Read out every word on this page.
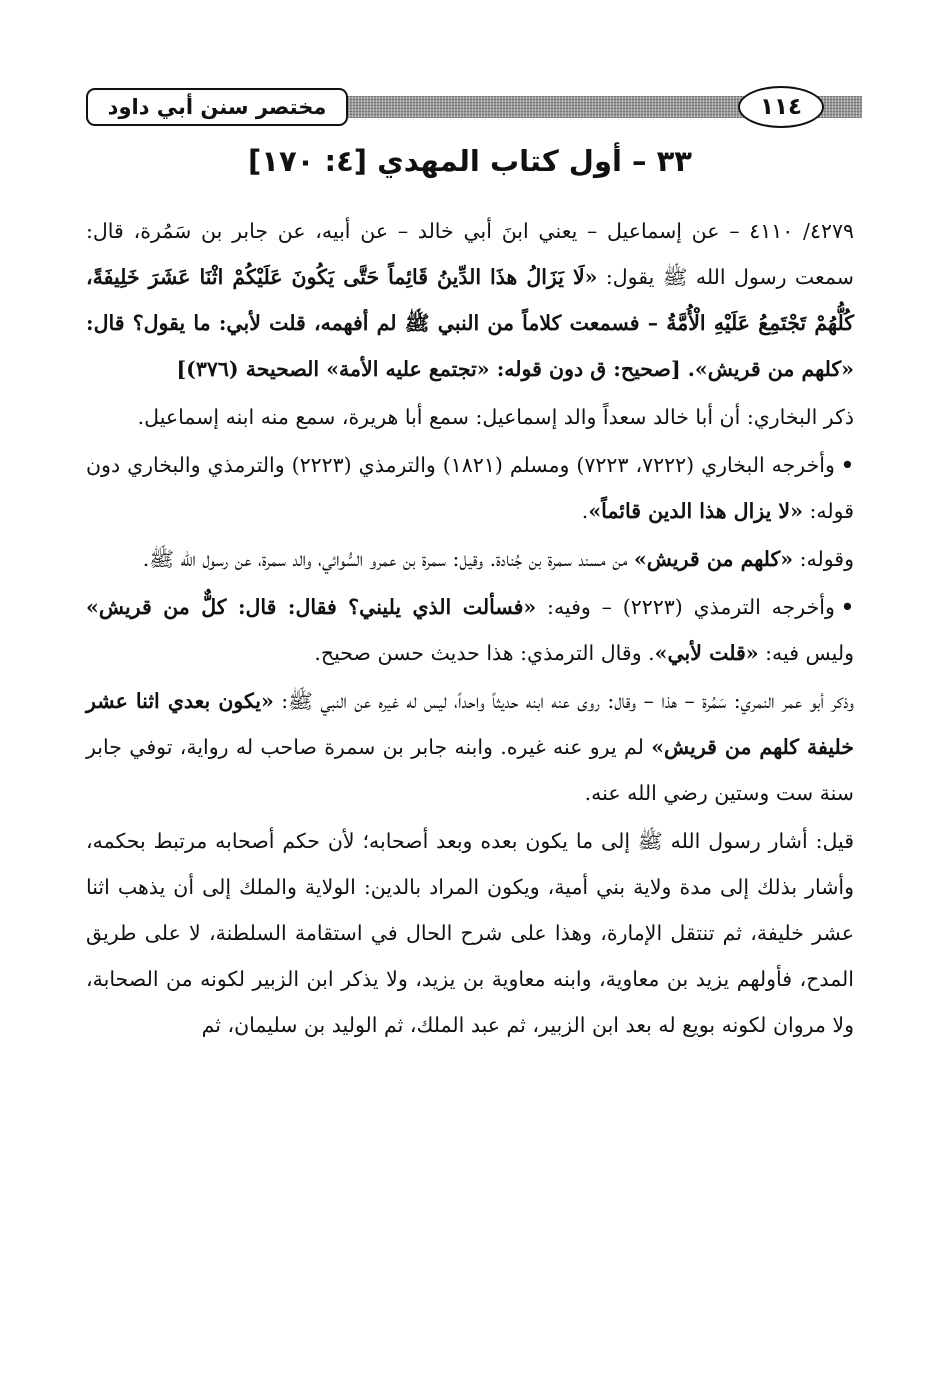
مختصر سنن أبي داود	١١٤
٣٣ – أول كتاب المهدي [٤: ١٧٠]

٤٢٧٩/ ٤١١٠ – عن إسماعيل – يعني ابنَ أبي خالد – عن أبيه، عن جابر بن سَمُرة، قال: سمعت رسول الله ﷺ يقول: «لَا يَزَالُ هذَا الدِّينُ قَائِماً حَتَّى يَكُونَ عَلَيْكُمْ اثْنَا عَشَرَ خَلِيفَةً، كُلُّهُمْ تَجْتَمِعُ عَلَيْهِ الْأُمَّةُ – فسمعت كلاماً من النبي ﷺ لم أفهمه، قلت لأبي: ما يقول؟ قال: «كلهم من قريش». [صحيح: ق دون قوله: «تجتمع عليه الأمة» الصحيحة (٣٧٦)]

ذكر البخاري: أن أبا خالد سعداً والد إسماعيل: سمع أبا هريرة، سمع منه ابنه إسماعيل.

•وأخرجه البخاري (٧٢٢٢، ٧٢٢٣) ومسلم (١٨٢١) والترمذي (٢٢٢٣) والترمذي والبخاري دون قوله: «لا يزال هذا الدين قائماً».

وقوله: «كلهم من قريش» من مسند سمرة بن جُنادة. وقيل: سمرة بن عمرو السُّوائي، والد سمرة، عن رسول الله ﷺ.

•وأخرجه الترمذي (٢٢٢٣) – وفيه: «فسألت الذي يليني؟ فقال: قال: كلٌّ من قريش» وليس فيه: «قلت لأبي». وقال الترمذي: هذا حديث حسن صحيح.

وذكر أبو عمر النمري: سَمُرة – هذا – وقال: روى عنه ابنه حديثاً واحداً، ليس له غيره عن النبي ﷺ: «يكون بعدي اثنا عشر خليفة كلهم من قريش» لم يرو عنه غيره. وابنه جابر بن سمرة صاحب له رواية، توفي جابر سنة ست وستين رضي الله عنه.

قيل: أشار رسول الله ﷺ إلى ما يكون بعده وبعد أصحابه؛ لأن حكم أصحابه مرتبط بحكمه، وأشار بذلك إلى مدة ولاية بني أمية، ويكون المراد بالدين: الولاية والملك إلى أن يذهب اثنا عشر خليفة، ثم تنتقل الإمارة، وهذا على شرح الحال في استقامة السلطنة، لا على طريق المدح، فأولهم يزيد بن معاوية، وابنه معاوية بن يزيد، ولا يذكر ابن الزبير لكونه من الصحابة، ولا مروان لكونه بويع له بعد ابن الزبير، ثم عبد الملك، ثم الوليد بن سليمان، ثم
